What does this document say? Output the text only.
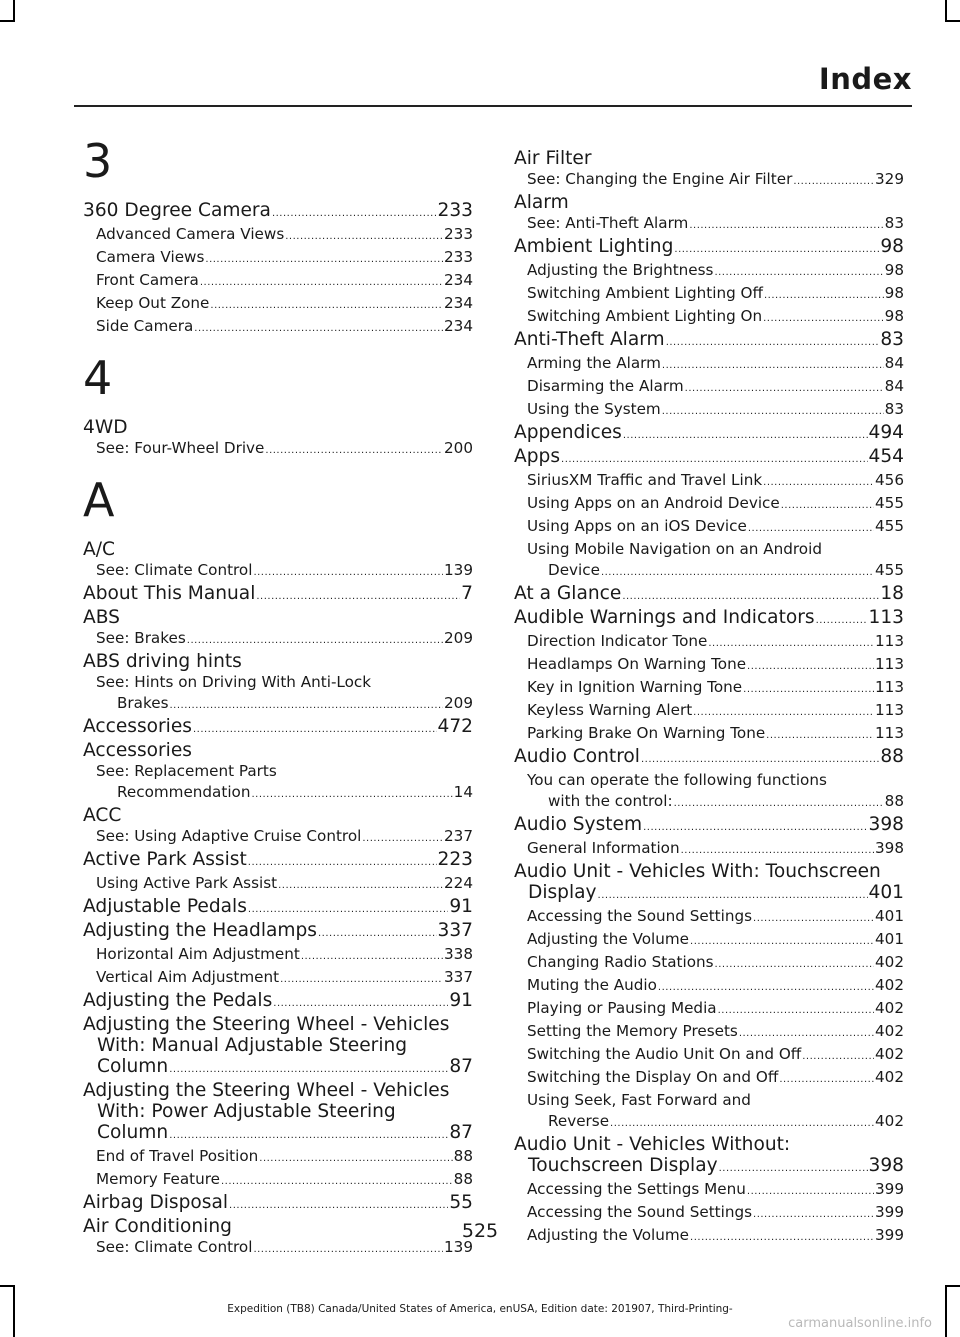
Index
3
360 Degree Camera .....	233
Advanced Camera Views .....	233
Camera Views .....	233
Front Camera .....	234
Keep Out Zone .....	234
Side Camera .....	234
4
4WD
See: Four-Wheel Drive .....	200
A
A/C
See: Climate Control .....	139
About This Manual .....	7
ABS
See: Brakes .....	209
ABS driving hints
See: Hints on Driving With Anti-Lock
Brakes .....	209
Accessories .....	472
Accessories
See: Replacement Parts
Recommendation .....	14
ACC
See: Using Adaptive Cruise Control .....	237
Active Park Assist .....	223
Using Active Park Assist .....	224
Adjustable Pedals .....	91
Adjusting the Headlamps .....	337
Horizontal Aim Adjustment .....	338
Vertical Aim Adjustment .....	337
Adjusting the Pedals .....	91
Adjusting the Steering Wheel - Vehicles
With: Manual Adjustable Steering
Column .....	87
Adjusting the Steering Wheel - Vehicles
With: Power Adjustable Steering
Column .....	87
End of Travel Position .....	88
Memory Feature .....	88
Airbag Disposal .....	55
Air Conditioning
See: Climate Control .....	139
Air Filter
See: Changing the Engine Air Filter .....	329
Alarm
See: Anti-Theft Alarm .....	83
Ambient Lighting .....	98
Adjusting the Brightness .....	98
Switching Ambient Lighting Off .....	98
Switching Ambient Lighting On .....	98
Anti-Theft Alarm .....	83
Arming the Alarm .....	84
Disarming the Alarm .....	84
Using the System .....	83
Appendices .....	494
Apps .....	454
SiriusXM Traffic and Travel Link .....	456
Using Apps on an Android Device .....	455
Using Apps on an iOS Device .....	455
Using Mobile Navigation on an Android
Device .....	455
At a Glance .....	18
Audible Warnings and Indicators .....	113
Direction Indicator Tone .....	113
Headlamps On Warning Tone .....	113
Key in Ignition Warning Tone .....	113
Keyless Warning Alert .....	113
Parking Brake On Warning Tone .....	113
Audio Control .....	88
You can operate the following functions
with the control: .....	88
Audio System .....	398
General Information .....	398
Audio Unit - Vehicles With: Touchscreen
Display .....	401
Accessing the Sound Settings .....	401
Adjusting the Volume .....	401
Changing Radio Stations .....	402
Muting the Audio .....	402
Playing or Pausing Media .....	402
Setting the Memory Presets .....	402
Switching the Audio Unit On and Off .....	402
Switching the Display On and Off .....	402
Using Seek, Fast Forward and
Reverse .....	402
Audio Unit - Vehicles Without:
Touchscreen Display .....	398
Accessing the Settings Menu .....	399
Accessing the Sound Settings .....	399
Adjusting the Volume .....	399
525
Expedition (TB8) Canada/United States of America, enUSA, Edition date: 201907, Third-Printing-
carmanualsonline.info
